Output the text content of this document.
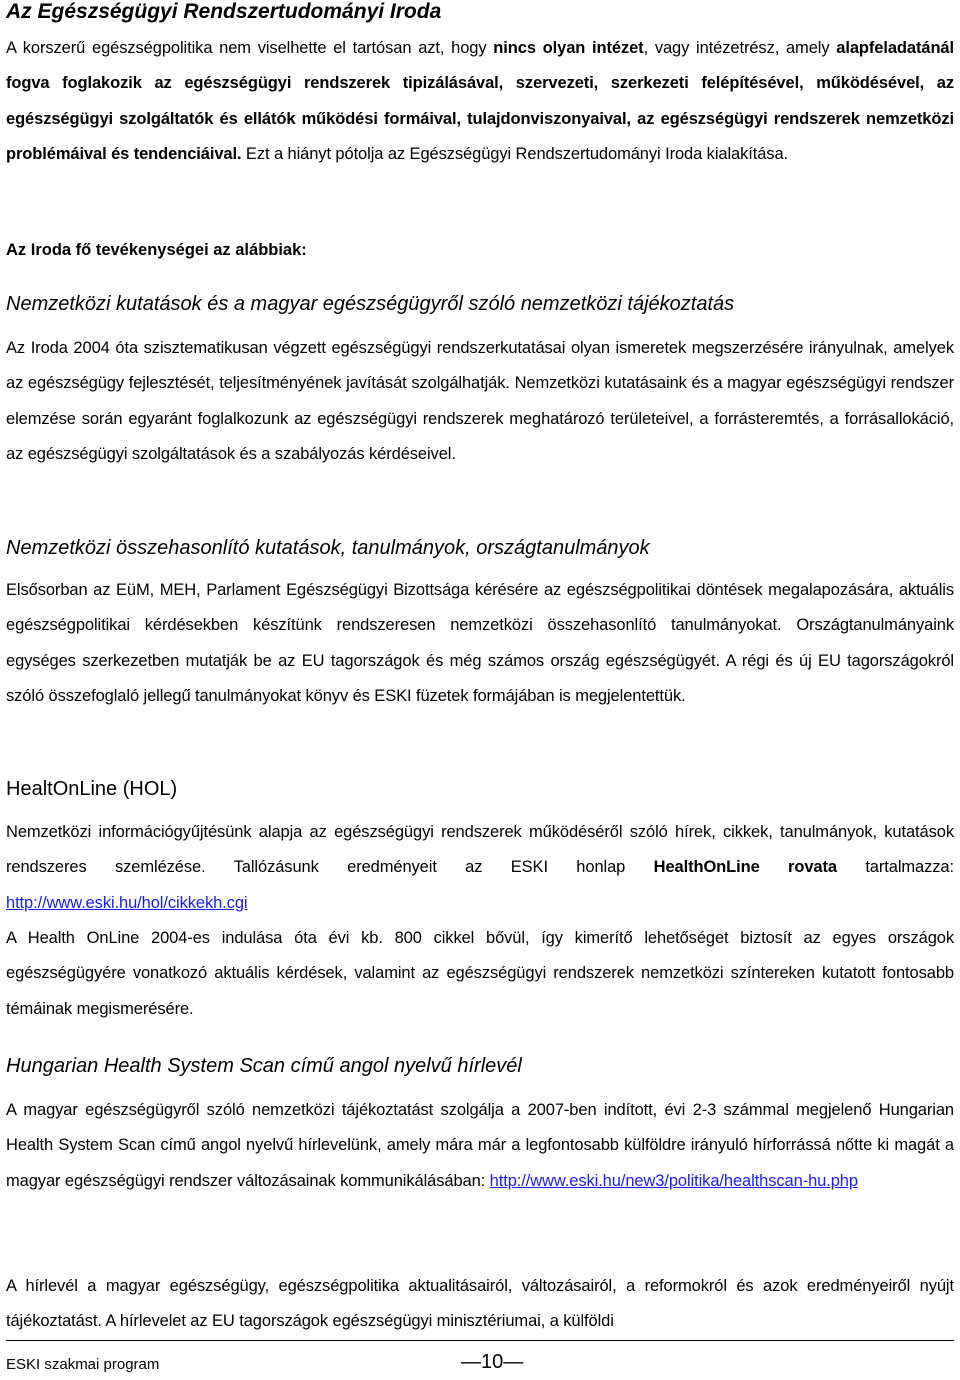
Az Egészségügyi Rendszertudományi Iroda
A korszerű egészségpolitika nem viselhette el tartósan azt, hogy nincs olyan intézet, vagy intézetrész, amely alapfeladatánál fogva foglakozik az egészségügyi rendszerek tipizálásával, szervezeti, szerkezeti felépítésével, működésével, az egészségügyi szolgáltatók és ellátók működési formáival, tulajdonviszonyaival, az egészségügyi rendszerek nemzetközi problémáival és tendenciáival. Ezt a hiányt pótolja az Egészségügyi Rendszertudományi Iroda kialakítása.
Az Iroda fő tevékenységei az alábbiak:
Nemzetközi kutatások és a magyar egészségügyről szóló nemzetközi tájékoztatás
Az Iroda 2004 óta szisztematikusan végzett egészségügyi rendszerkutatásai olyan ismeretek megszerzésére irányulnak, amelyek az egészségügy fejlesztését, teljesítményének javítását szolgálhatják. Nemzetközi kutatásaink és a magyar egészségügyi rendszer elemzése során egyaránt foglalkozunk az egészségügyi rendszerek meghatározó területeivel, a forrásteremtés, a forrásallokáció, az egészségügyi szolgáltatások és a szabályozás kérdéseivel.
Nemzetközi összehasonlító kutatások, tanulmányok, országtanulmányok
Elsősorban az EüM, MEH, Parlament Egészségügyi Bizottsága kérésére az egészségpolitikai döntések megalapozására, aktuális egészségpolitikai kérdésekben készítünk rendszeresen nemzetközi összehasonlító tanulmányokat. Országtanulmányaink egységes szerkezetben mutatják be az EU tagországok és még számos ország egészségügyét. A régi és új EU tagországokról szóló összefoglaló jellegű tanulmányokat könyv és ESKI füzetek formájában is megjelentettük.
HealtOnLine (HOL)
Nemzetközi információgyűjtésünk alapja az egészségügyi rendszerek működéséről szóló hírek, cikkek, tanulmányok, kutatások rendszeres szemlézése. Tallózásunk eredményeit az ESKI honlap HealthOnLine rovata tartalmazza: http://www.eski.hu/hol/cikkekh.cgi
A Health OnLine 2004-es indulása óta évi kb. 800 cikkel bővül, így kimerítő lehetőséget biztosít az egyes országok egészségügyére vonatkozó aktuális kérdések, valamint az egészségügyi rendszerek nemzetközi színtereken kutatott fontosabb témáinak megismerésére.
Hungarian Health System Scan című angol nyelvű hírlevél
A magyar egészségügyről szóló nemzetközi tájékoztatást szolgálja a 2007-ben indított, évi 2-3 számmal megjelenő Hungarian Health System Scan című angol nyelvű hírlevelünk, amely mára már a legfontosabb külföldre irányuló hírforrássá nőtte ki magát a magyar egészségügyi rendszer változásainak kommunikálásában: http://www.eski.hu/new3/politika/healthscan-hu.php
A hírlevél a magyar egészségügy, egészségpolitika aktualitásairól, változásairól, a reformokról és azok eredményeiről nyújt tájékoztatást. A hírlevelet az EU tagországok egészségügyi minisztériumai, a külföldi
ESKI szakmai program	—10—
